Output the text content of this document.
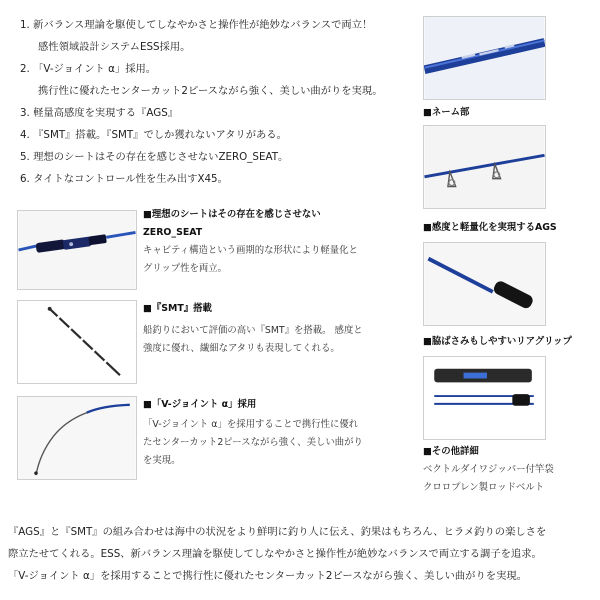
1. 新バランス理論を駆使してしなやかさと操作性が絶妙なバランスで両立！
感性領域設計システムESS採用。
2. 「V-ジョイント α」採用。
携行性に優れたセンターカット2ピースながら強く、美しい曲がりを実現。
3. 軽量高感度を実現する『AGS』
4. 『SMT』搭載。『SMT』でしか獲れないアタリがある。
5. 理想のシートはその存在を感じさせないZERO_SEAT。
6. タイトなコントロール性を生み出すX45。
■理想のシートはその存在を感じさせない
ZERO_SEAT
キャビティ構造という画期的な形状により軽量化とグリップ性を両立。
■『SMT』搭載
船釣りにおいて評価の高い『SMT』を搭載。 感度と強度に優れ、繊細なアタリも表現してくれる。
■「V-ジョイント α」採用
「V-ジョイント α」を採用することで携行性に優れたセンターカット2ピースながら強く、美しい曲がりを実現。
■ネーム部
■感度と軽量化を実現するAGS
■脇ばさみもしやすいリアグリップ
■その他詳細
ベクトルダイワジッパー付竿袋
クロロプレン製ロッドベルト

『AGS』と『SMT』の組み合わせは海中の状況をより鮮明に釣り人に伝え、釣果はもちろん、ヒラメ釣りの楽しさを

際立たせてくれる。ESS、新バランス理論を駆使してしなやかさと操作性が絶妙なバランスで両立する調子を追求。

「V-ジョイント α」を採用することで携行性に優れたセンターカット2ピースながら強く、美しい曲がりを実現。
